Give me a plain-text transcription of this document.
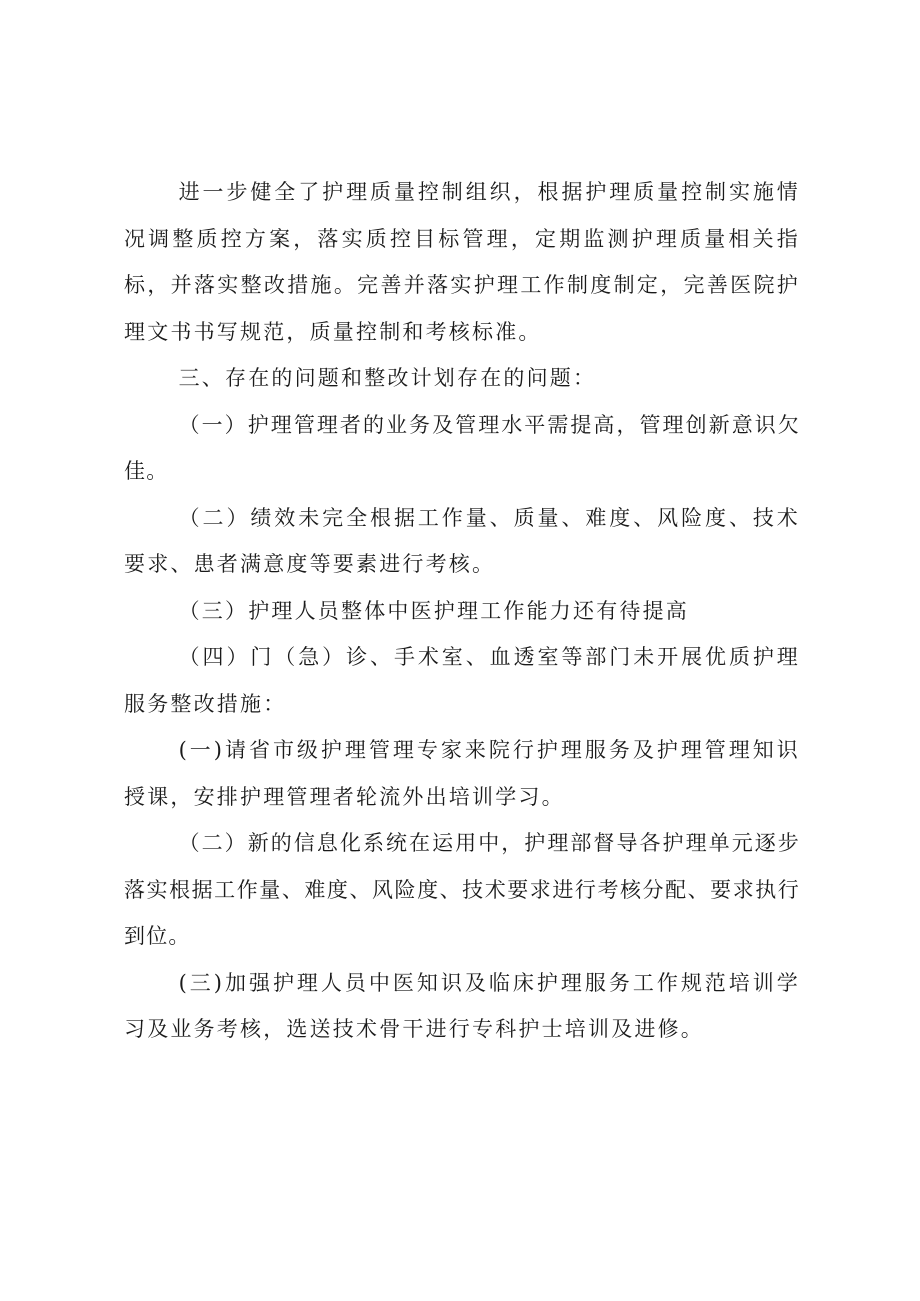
进一步健全了护理质量控制组织，根据护理质量控制实施情况调整质控方案，落实质控目标管理，定期监测护理质量相关指标，并落实整改措施。完善并落实护理工作制度制定，完善医院护理文书书写规范，质量控制和考核标准。

三、存在的问题和整改计划存在的问题：

（一）护理管理者的业务及管理水平需提高，管理创新意识欠佳。

（二）绩效未完全根据工作量、质量、难度、风险度、技术要求、患者满意度等要素进行考核。

（三）护理人员整体中医护理工作能力还有待提高

（四）门（急）诊、手术室、血透室等部门未开展优质护理服务整改措施：

(一)请省市级护理管理专家来院行护理服务及护理管理知识授课，安排护理管理者轮流外出培训学习。

（二）新的信息化系统在运用中，护理部督导各护理单元逐步落实根据工作量、难度、风险度、技术要求进行考核分配、要求执行到位。

(三)加强护理人员中医知识及临床护理服务工作规范培训学习及业务考核，选送技术骨干进行专科护士培训及进修。
